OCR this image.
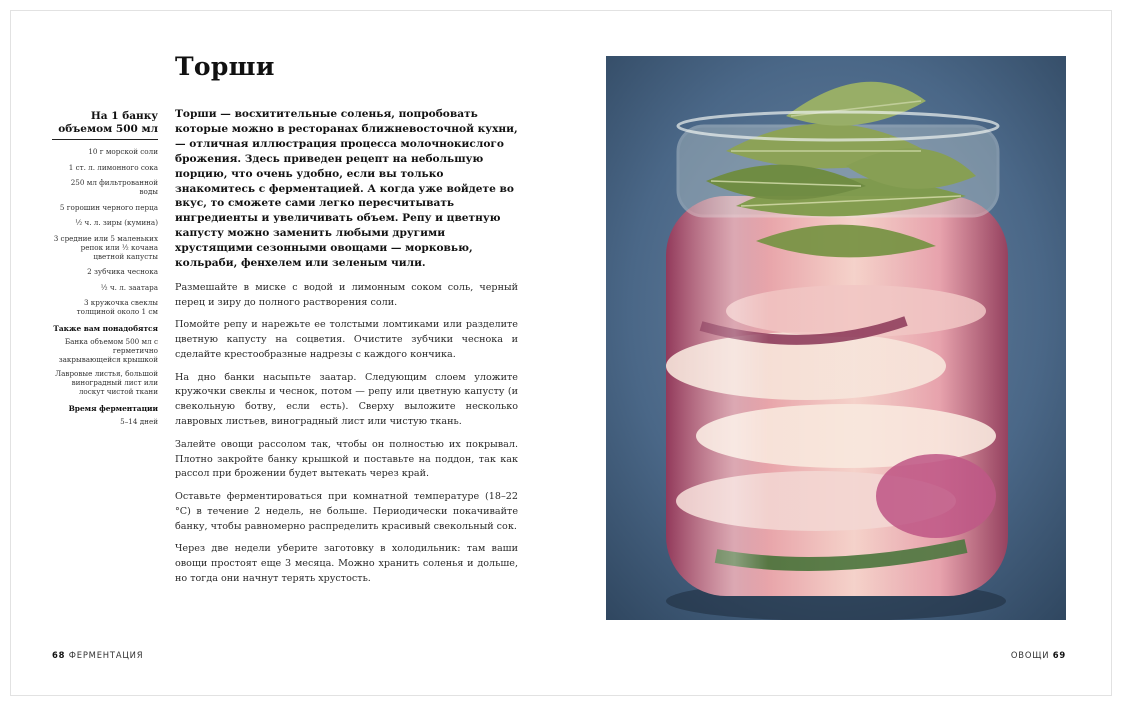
Торши
На 1 банку
объемом 500 мл
10 г морской соли
1 ст. л. лимонного сока
250 мл фильтрованной воды
5 горошин черного перца
½ ч. л. зиры (кумина)
3 средние или 5 маленьких репок или ½ кочана цветной капусты
2 зубчика чеснока
½ ч. л. заатара
3 кружочка свеклы толщиной около 1 см
Также вам понадобятся
Банка объемом 500 мл с герметично закрывающейся крышкой
Лавровые листья, большой виноградный лист или лоскут чистой ткани
Время ферментации
5–14 дней

Торши — восхитительные соленья, попробовать которые можно в ресторанах ближневосточной кухни, — отличная иллюстрация процесса молочнокислого брожения. Здесь приведен рецепт на небольшую порцию, что очень удобно, если вы только знакомитесь с ферментацией. А когда уже войдете во вкус, то сможете сами легко пересчитывать ингредиенты и увеличивать объем. Репу и цветную капусту можно заменить любыми другими хрустящими сезонными овощами — морковью, кольраби, фенхелем или зеленым чили.

Размешайте в миске с водой и лимонным соком соль, черный перец и зиру до полного растворения соли.

Помойте репу и нарежьте ее толстыми ломтиками или разделите цветную капусту на соцветия. Очистите зубчики чеснока и сделайте крестообразные надрезы с каждого кончика.

На дно банки насыпьте заатар. Следующим слоем уложите кружочки свеклы и чеснок, потом — репу или цветную капусту (и свекольную ботву, если есть). Сверху выложите несколько лавровых листьев, виноградный лист или чистую ткань.

Залейте овощи рассолом так, чтобы он полностью их покрывал. Плотно закройте банку крышкой и поставьте на поддон, так как рассол при брожении будет вытекать через край.

Оставьте ферментироваться при комнатной температуре (18–22 °C) в течение 2 недель, не больше. Периодически покачивайте банку, чтобы равномерно распределить красивый свекольный сок.

Через две недели уберите заготовку в холодильник: там ваши овощи простоят еще 3 месяца. Можно хранить соленья и дольше, но тогда они начнут терять хрустость.

68 ФЕРМЕНТАЦИЯ	ОВОЩИ 69
